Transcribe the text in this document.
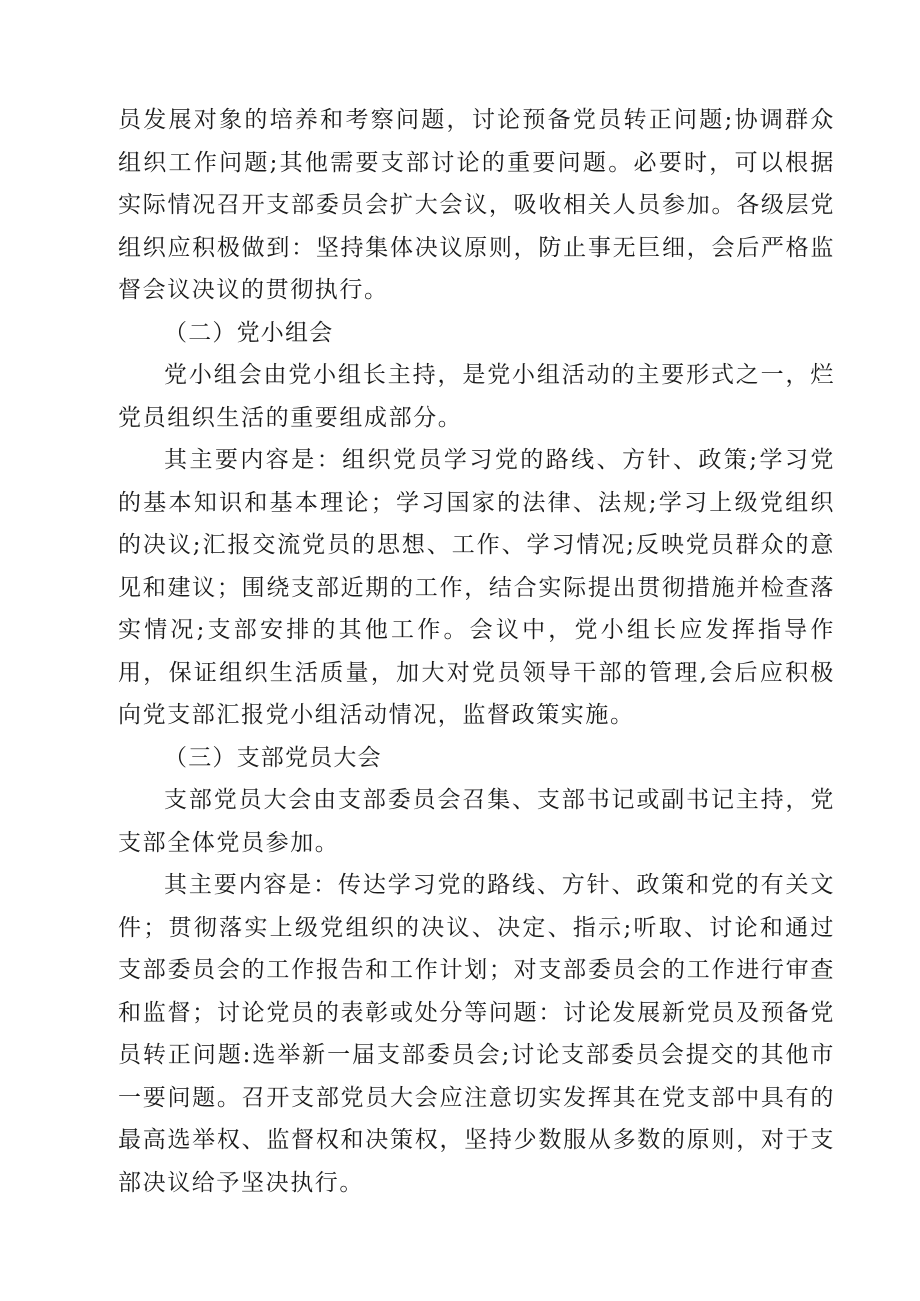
员发展对象的培养和考察问题，讨论预备党员转正问题;协调群众组织工作问题;其他需要支部讨论的重要问题。必要时，可以根据实际情况召开支部委员会扩大会议，吸收相关人员参加。各级层党组织应积极做到：坚持集体决议原则，防止事无巨细，会后严格监督会议决议的贯彻执行。

（二）党小组会

党小组会由党小组长主持，是党小组活动的主要形式之一，烂党员组织生活的重要组成部分。

其主要内容是：组织党员学习党的路线、方针、政策;学习党的基本知识和基本理论；学习国家的法律、法规;学习上级党组织的决议;汇报交流党员的思想、工作、学习情况;反映党员群众的意见和建议；围绕支部近期的工作，结合实际提出贯彻措施并检查落实情况;支部安排的其他工作。会议中，党小组长应发挥指导作用，保证组织生活质量，加大对党员领导干部的管理,会后应积极向党支部汇报党小组活动情况，监督政策实施。

（三）支部党员大会

支部党员大会由支部委员会召集、支部书记或副书记主持，党支部全体党员参加。

其主要内容是：传达学习党的路线、方针、政策和党的有关文件；贯彻落实上级党组织的决议、决定、指示;听取、讨论和通过支部委员会的工作报告和工作计划；对支部委员会的工作进行审查和监督；讨论党员的表彰或处分等问题：讨论发展新党员及预备党员转正问题:选举新一届支部委员会;讨论支部委员会提交的其他市一要问题。召开支部党员大会应注意切实发挥其在党支部中具有的最高选举权、监督权和决策权，坚持少数服从多数的原则，对于支部决议给予坚决执行。
